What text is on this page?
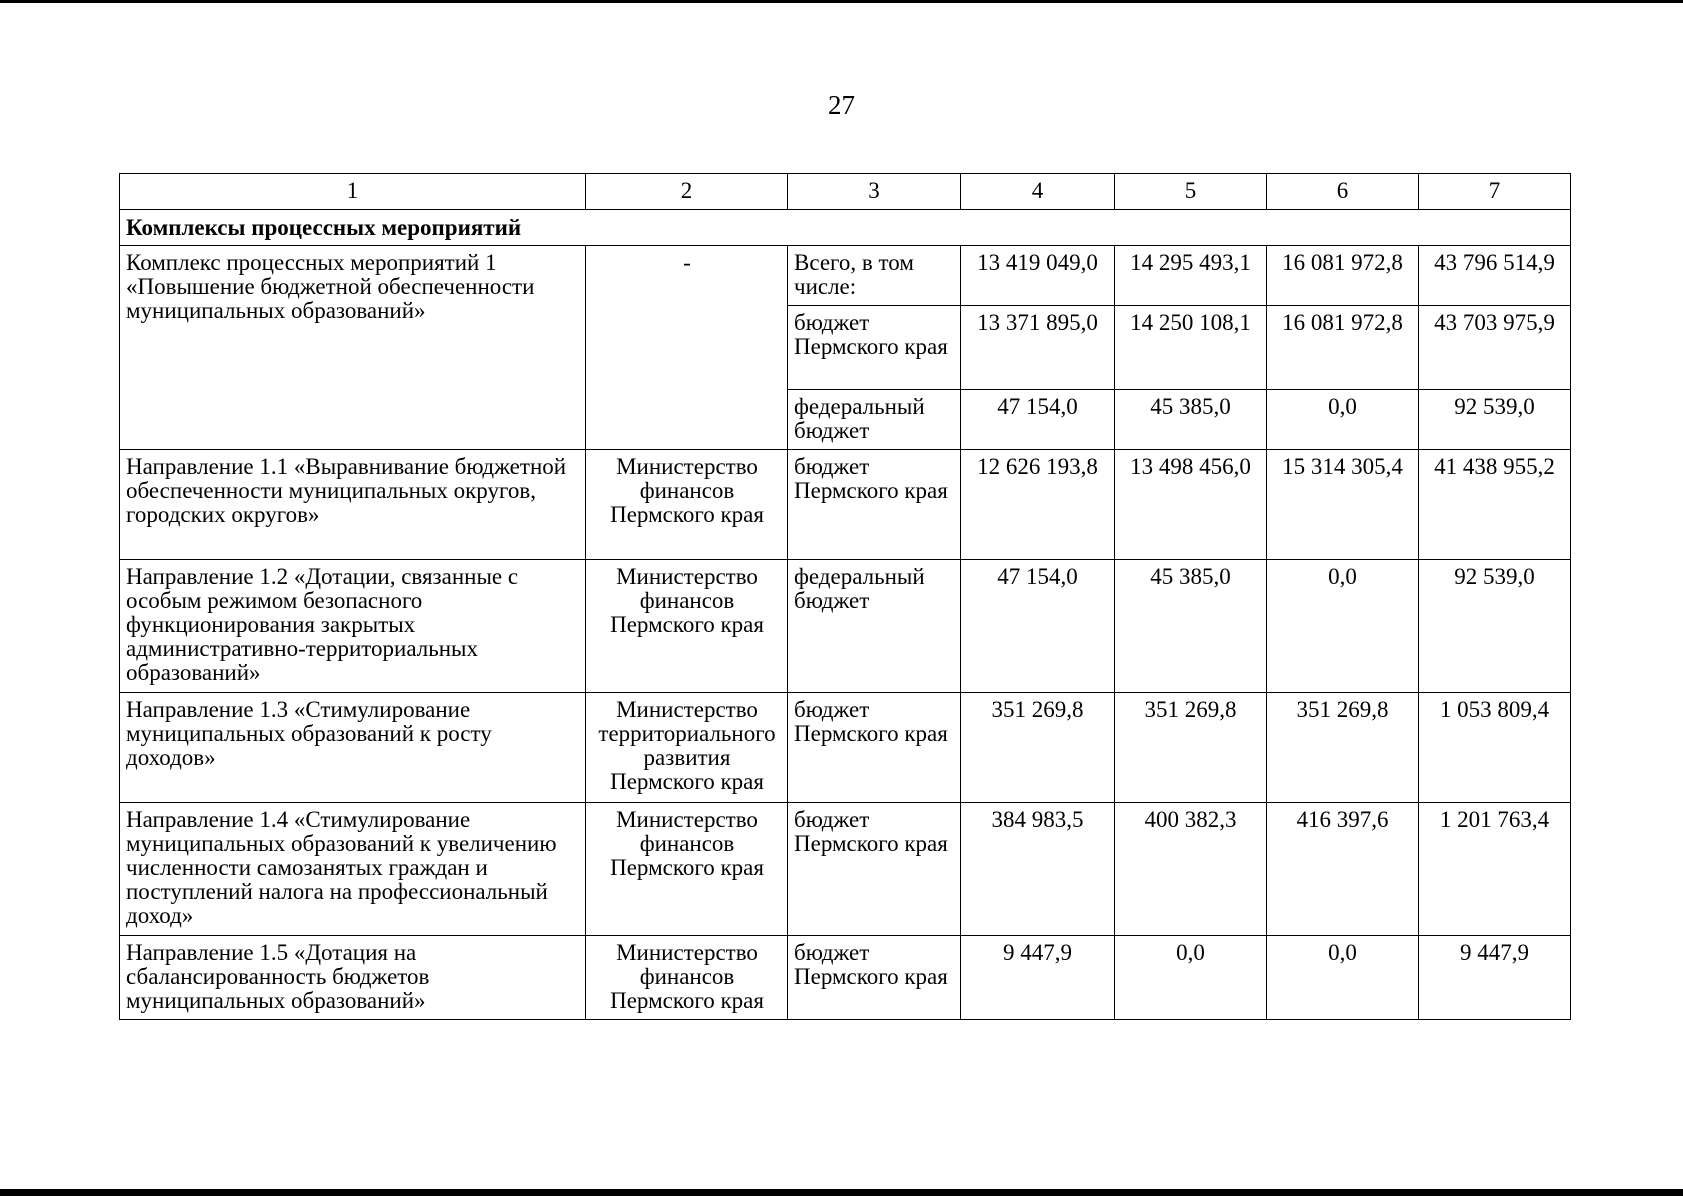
27
1	2	3	4	5	6	7
Комплексы процессных мероприятий						
Комплекс процессных мероприятий 1 «Повышение бюджетной обеспеченности муниципальных образований»	-	Всего, в том числе:	13 419 049,0	14 295 493,1	16 081 972,8	43 796 514,9
		бюджет Пермского края	13 371 895,0	14 250 108,1	16 081 972,8	43 703 975,9
		федеральный бюджет	47 154,0	45 385,0	0,0	92 539,0
Направление 1.1 «Выравнивание бюджетной обеспеченности муниципальных округов, городских округов»	Министерство финансов Пермского края	бюджет Пермского края	12 626 193,8	13 498 456,0	15 314 305,4	41 438 955,2
Направление 1.2 «Дотации, связанные с особым режимом безопасного функционирования закрытых административно-территориальных образований»	Министерство финансов Пермского края	федеральный бюджет	47 154,0	45 385,0	0,0	92 539,0
Направление 1.3 «Стимулирование муниципальных образований к росту доходов»	Министерство территориального развития Пермского края	бюджет Пермского края	351 269,8	351 269,8	351 269,8	1 053 809,4
Направление 1.4 «Стимулирование муниципальных образований к увеличению численности самозанятых граждан и поступлений налога на профессиональный доход»	Министерство финансов Пермского края	бюджет Пермского края	384 983,5	400 382,3	416 397,6	1 201 763,4
Направление 1.5 «Дотация на сбалансированность бюджетов муниципальных образований»	Министерство финансов Пермского края	бюджет Пермского края	9 447,9	0,0	0,0	9 447,9
